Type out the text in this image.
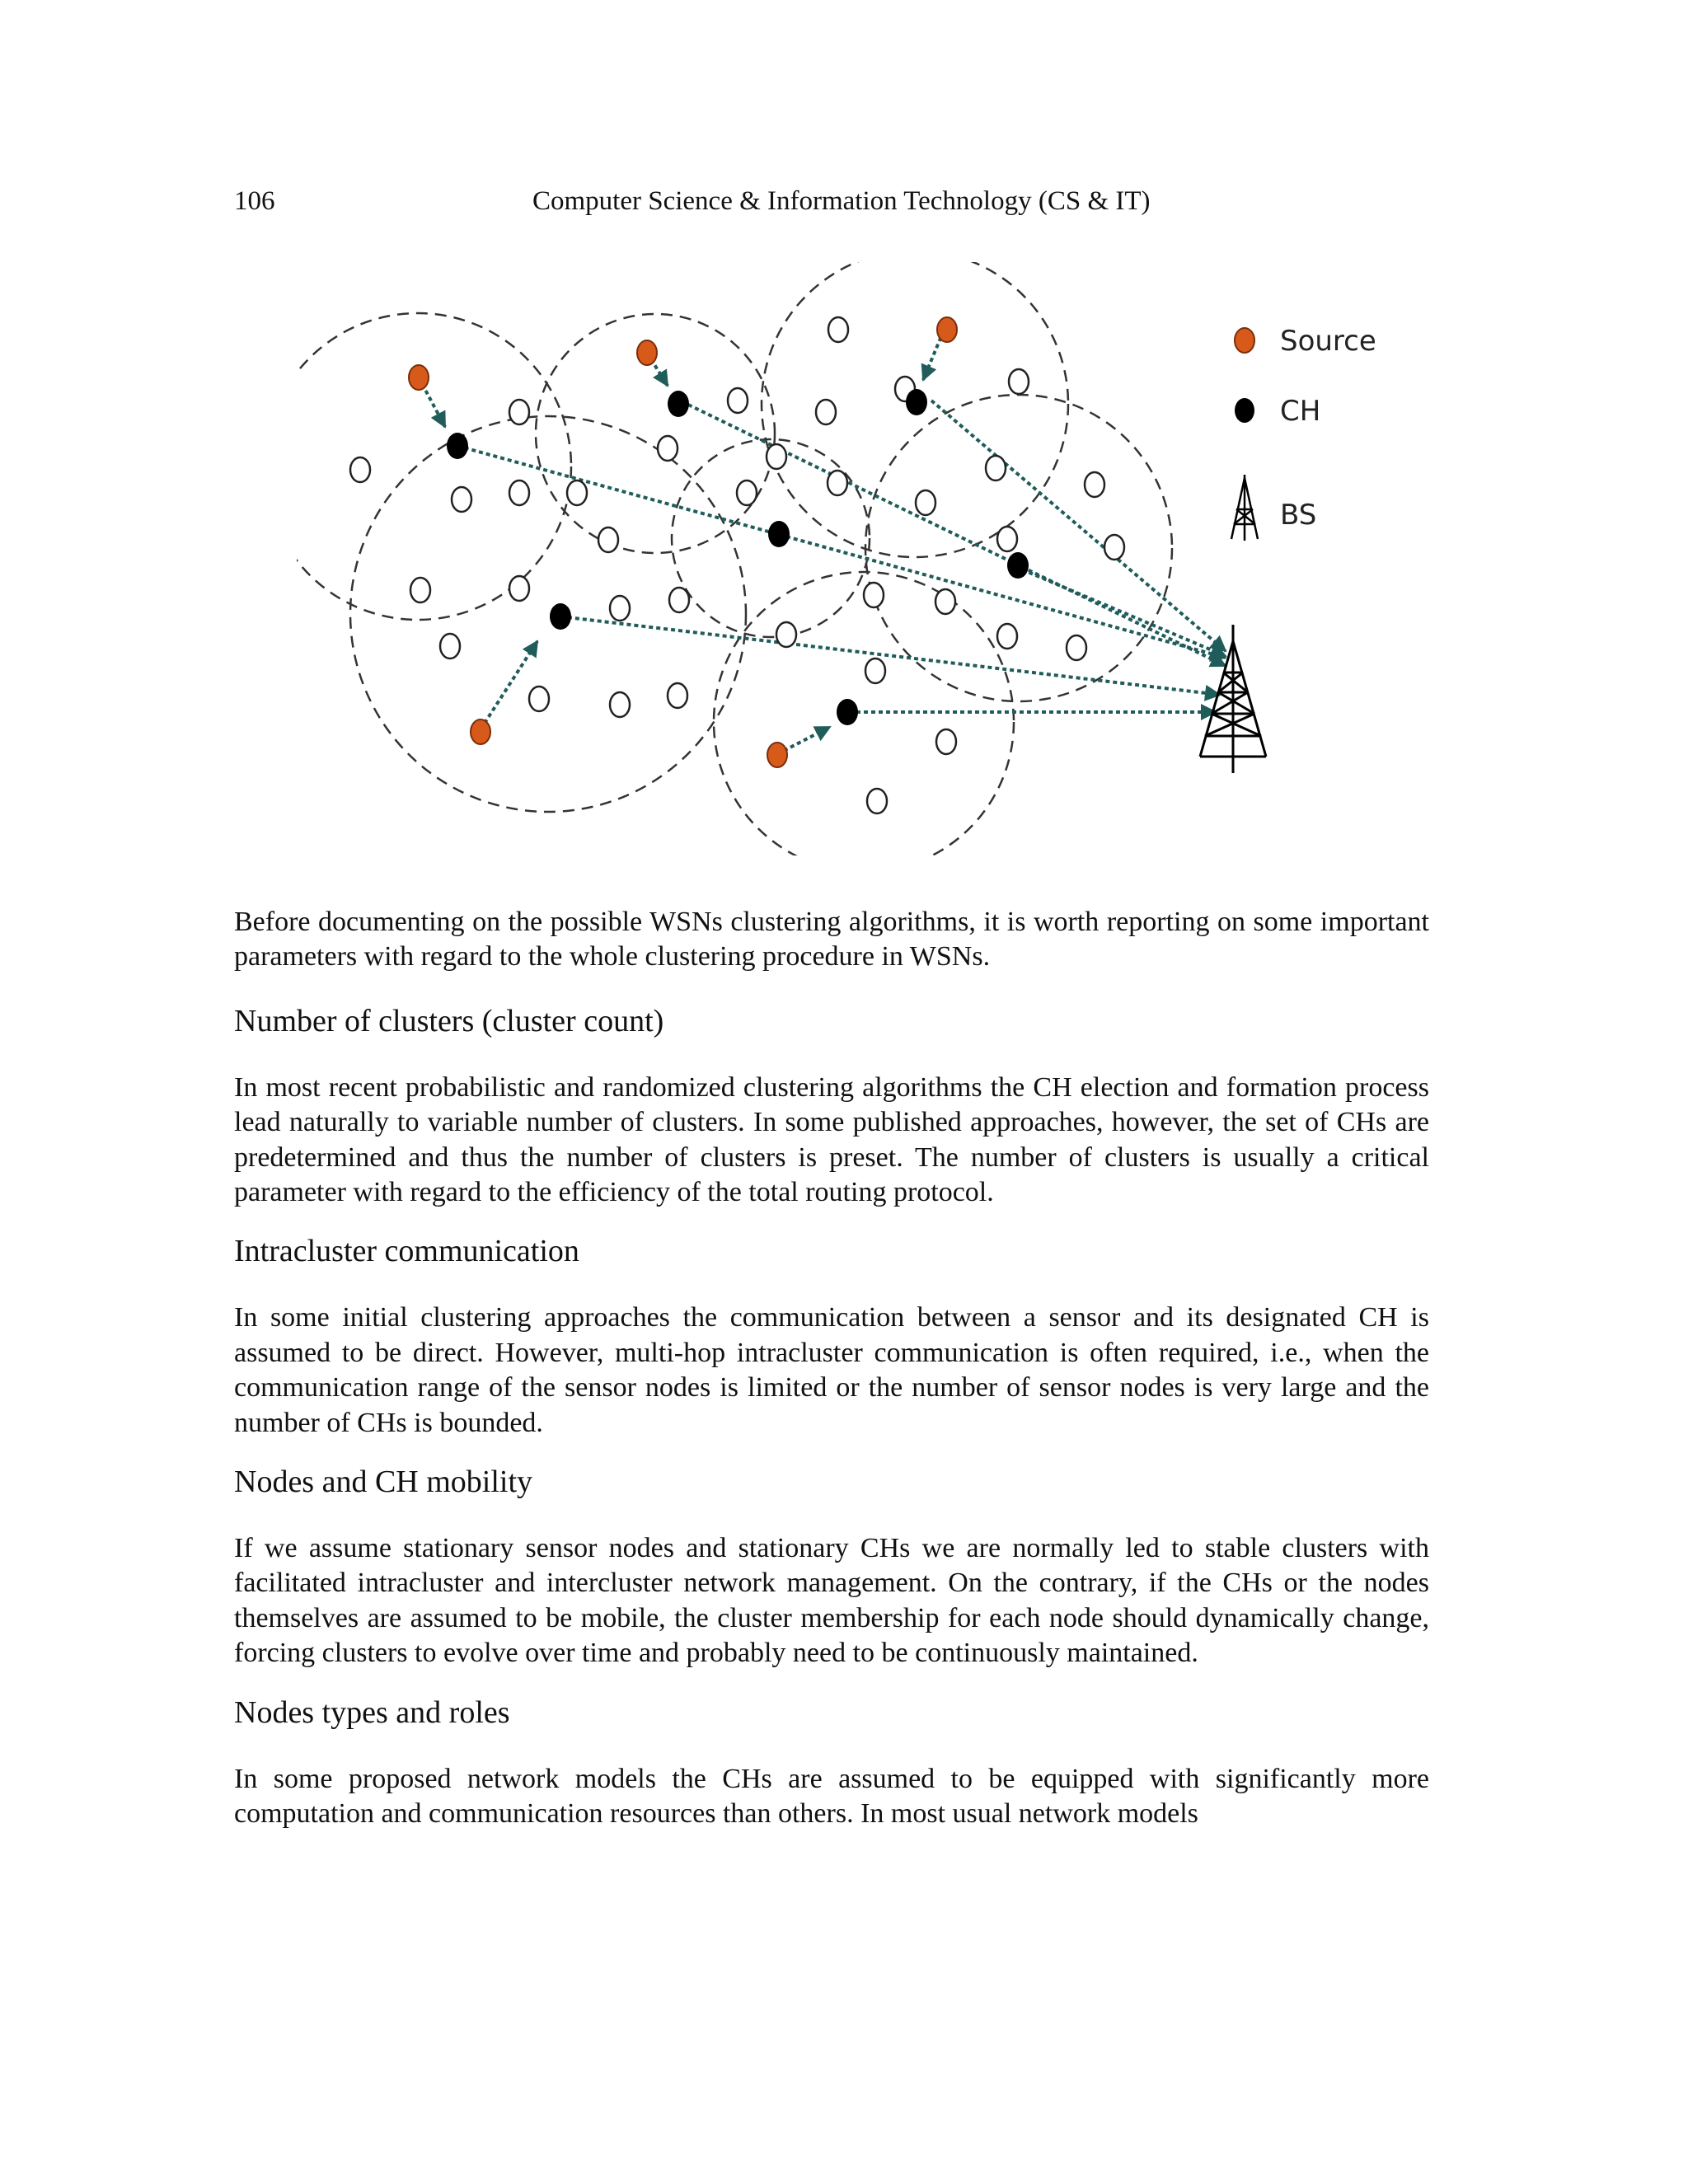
106	Computer Science & Information Technology (CS & IT)
Source
CH
BS

Before documenting on the possible WSNs clustering algorithms, it is worth reporting on some important parameters with regard to the whole clustering procedure in WSNs.

Number of clusters (cluster count)

In most recent probabilistic and randomized clustering algorithms the CH election and formation process lead naturally to variable number of clusters. In some published approaches, however, the set of CHs are predetermined and thus the number of clusters is preset. The number of clusters is usually a critical parameter with regard to the efficiency of the total routing protocol.

Intracluster communication

In some initial clustering approaches the communication between a sensor and its designated CH is assumed to be direct. However, multi-hop intracluster communication is often required, i.e., when the communication range of the sensor nodes is limited or the number of sensor nodes is very large and the number of CHs is bounded.

Nodes and CH mobility

If we assume stationary sensor nodes and stationary CHs we are normally led to stable clusters with facilitated intracluster and intercluster network management. On the contrary, if the CHs or the nodes themselves are assumed to be mobile, the cluster membership for each node should dynamically change, forcing clusters to evolve over time and probably need to be continuously maintained.

Nodes types and roles

In some proposed network models the CHs are assumed to be equipped with significantly more computation and communication resources than others. In most usual network models
